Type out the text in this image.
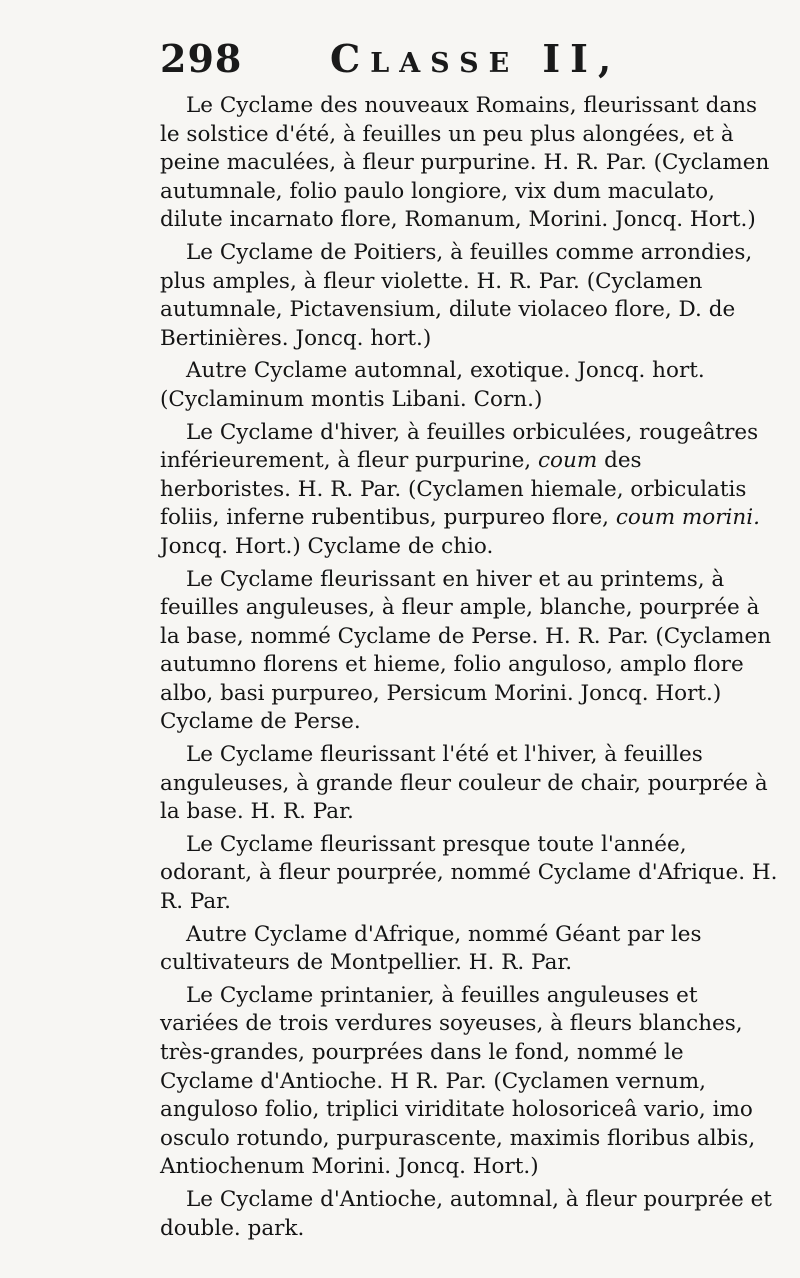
298 Classe II,

Le Cyclame des nouveaux Romains, fleurissant dans le solstice d'été, à feuilles un peu plus alongées, et à peine maculées, à fleur purpurine. H. R. Par. (Cyclamen autumnale, folio paulo longiore, vix dum maculato, dilute incarnato flore, Romanum, Morini. Joncq. Hort.)

Le Cyclame de Poitiers, à feuilles comme arrondies, plus amples, à fleur violette. H. R. Par. (Cyclamen autumnale, Pictavensium, dilute violaceo flore, D. de Bertinières. Joncq. hort.)

Autre Cyclame automnal, exotique. Joncq. hort. (Cyclaminum montis Libani. Corn.)

Le Cyclame d'hiver, à feuilles orbiculées, rougeâtres inférieurement, à fleur purpurine, coum des herboristes. H. R. Par. (Cyclamen hiemale, orbiculatis foliis, inferne rubentibus, purpureo flore, coum morini. Joncq. Hort.) Cyclame de chio.

Le Cyclame fleurissant en hiver et au printems, à feuilles anguleuses, à fleur ample, blanche, pourprée à la base, nommé Cyclame de Perse. H. R. Par. (Cyclamen autumno florens et hieme, folio anguloso, amplo flore albo, basi purpureo, Persicum Morini. Joncq. Hort.) Cyclame de Perse.

Le Cyclame fleurissant l'été et l'hiver, à feuilles anguleuses, à grande fleur couleur de chair, pourprée à la base. H. R. Par.

Le Cyclame fleurissant presque toute l'année, odorant, à fleur pourprée, nommé Cyclame d'Afrique. H. R. Par.

Autre Cyclame d'Afrique, nommé Géant par les cultivateurs de Montpellier. H. R. Par.

Le Cyclame printanier, à feuilles anguleuses et variées de trois verdures soyeuses, à fleurs blanches, très-grandes, pourprées dans le fond, nommé le Cyclame d'Antioche. H R. Par. (Cyclamen vernum, anguloso folio, triplici viriditate holosoriceâ vario, imo osculo rotundo, purpurascente, maximis floribus albis, Antiochenum Morini. Joncq. Hort.)

Le Cyclame d'Antioche, automnal, à fleur pourprée et double. park.
